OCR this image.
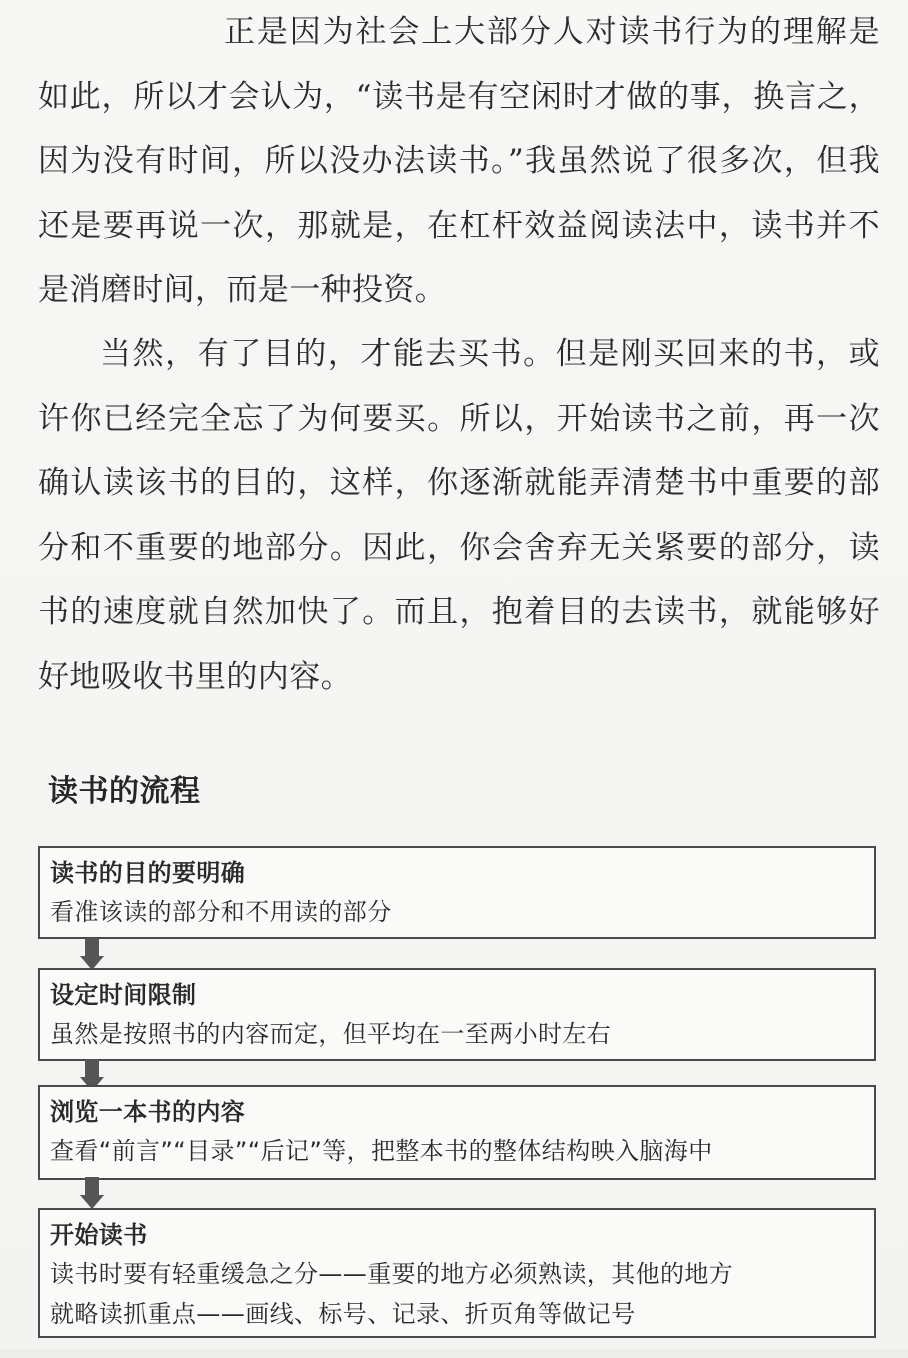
正是因为社会上大部分人对读书行为的理解是如此，所以才会认为，“读书是有空闲时才做的事，换言之，因为没有时间，所以没办法读书。”我虽然说了很多次，但我还是要再说一次，那就是，在杠杆效益阅读法中，读书并不是消磨时间，而是一种投资。

当然，有了目的，才能去买书。但是刚买回来的书，或许你已经完全忘了为何要买。所以，开始读书之前，再一次确认读该书的目的，这样，你逐渐就能弄清楚书中重要的部分和不重要的地部分。因此，你会舍弃无关紧要的部分，读书的速度就自然加快了。而且，抱着目的去读书，就能够好好地吸收书里的内容。

读书的流程
读书的目的要明确
看准该读的部分和不用读的部分
设定时间限制
虽然是按照书的内容而定，但平均在一至两小时左右
浏览一本书的内容
查看“前言”“目录”“后记”等，把整本书的整体结构映入脑海中
开始读书
读书时要有轻重缓急之分——重要的地方必须熟读，其他的地方
就略读抓重点——画线、标号、记录、折页角等做记号
